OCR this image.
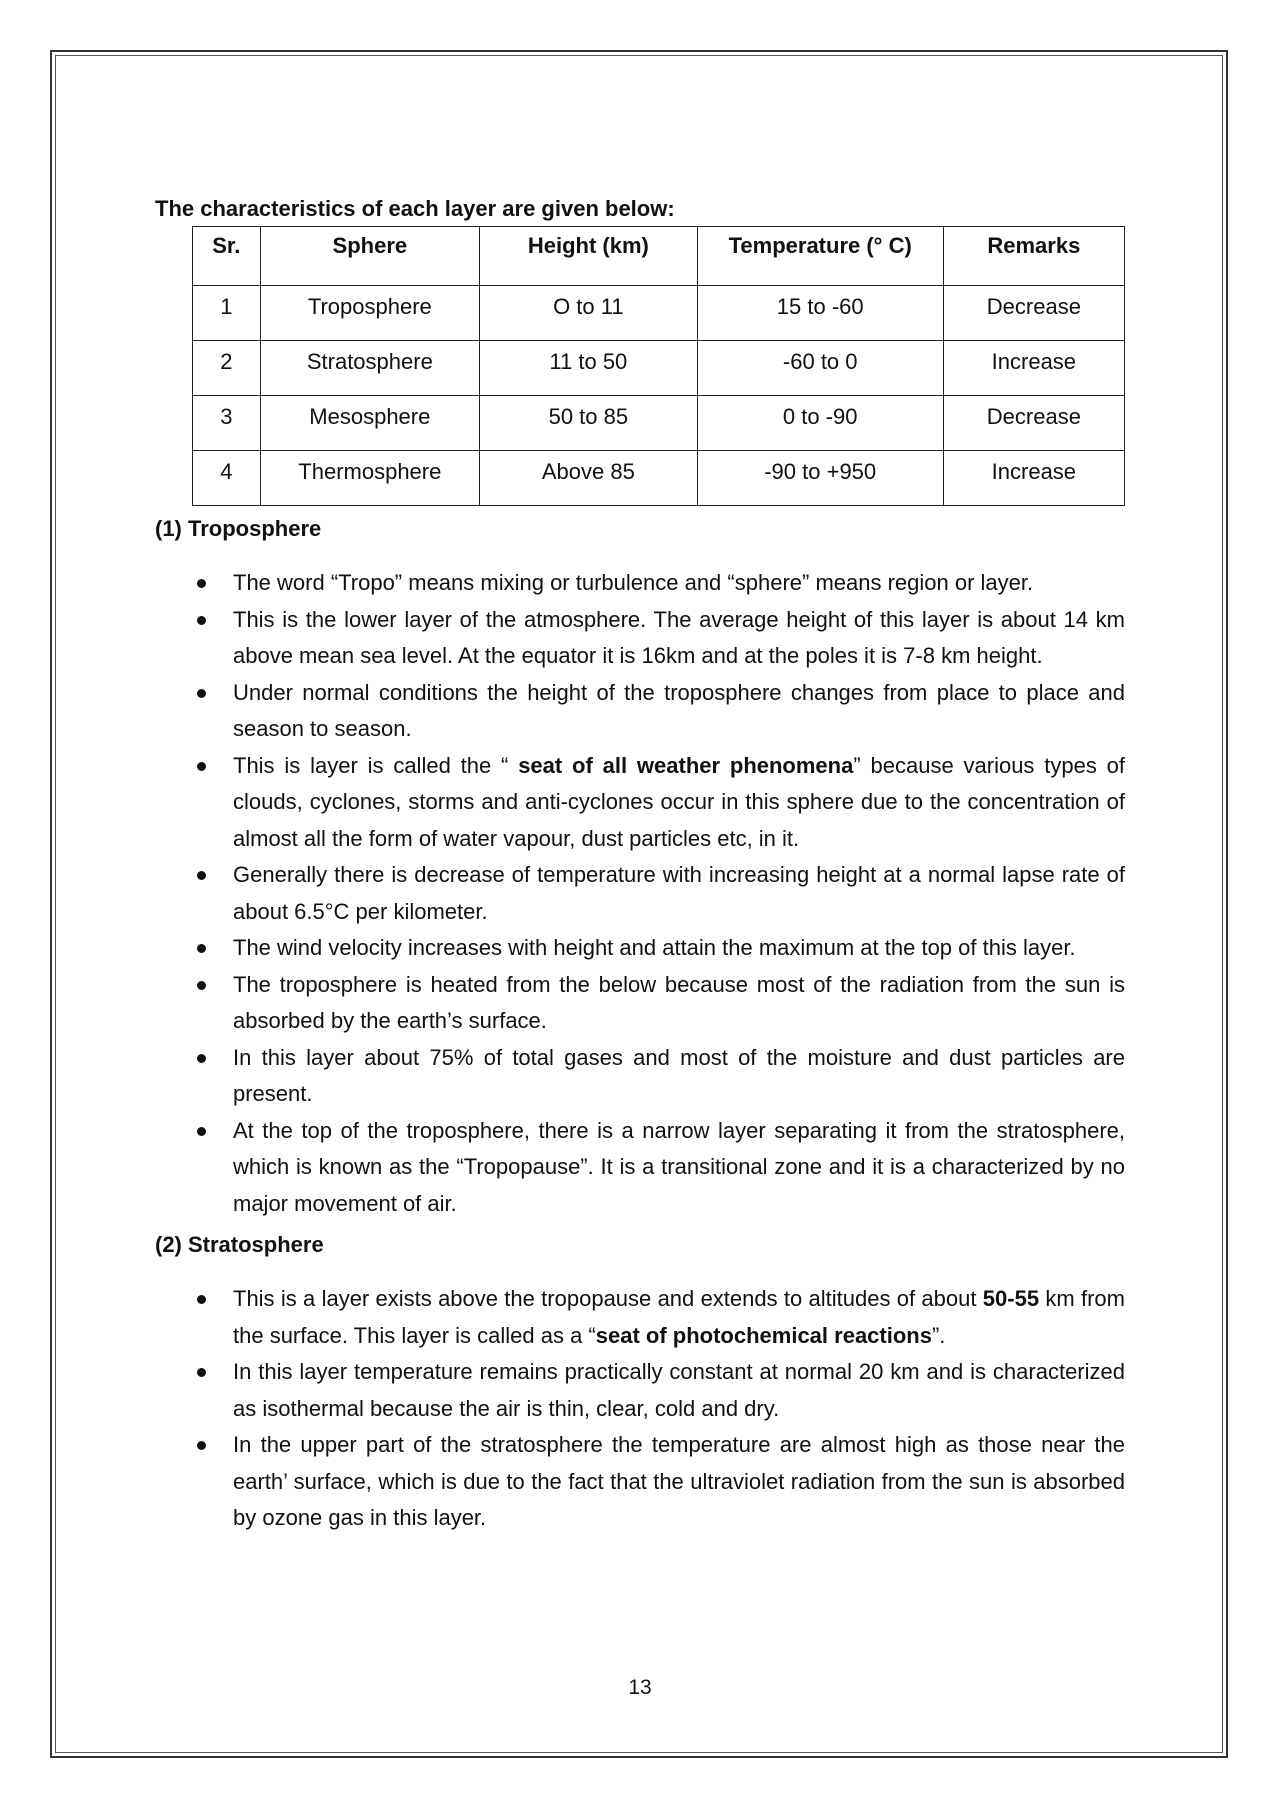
The characteristics of each layer are given below:

Sr.	Sphere	Height (km)	Temperature (° C)	Remarks
1	Troposphere	O to 11	15 to -60	Decrease
2	Stratosphere	11 to 50	-60 to 0	Increase
3	Mesosphere	50 to 85	0 to -90	Decrease
4	Thermosphere	Above 85	-90 to +950	Increase

(1) Troposphere

The word “Tropo” means mixing or turbulence and “sphere” means region or layer.
This is the lower layer of the atmosphere. The average height of this layer is about 14 km above mean sea level. At the equator it is 16km and at the poles it is 7-8 km height.
Under normal conditions the height of the troposphere changes from place to place and season to season.
This is layer is called the “ seat of all weather phenomena” because various types of clouds, cyclones, storms and anti-cyclones occur in this sphere due to the concentration of almost all the form of water vapour, dust particles etc, in it.
Generally there is decrease of temperature with increasing height at a normal lapse rate of about 6.5°C per kilometer.
The wind velocity increases with height and attain the maximum at the top of this layer.
The troposphere is heated from the below because most of the radiation from the sun is absorbed by the earth’s surface.
In this layer about 75% of total gases and most of the moisture and dust particles are present.
At the top of the troposphere, there is a narrow layer separating it from the stratosphere, which is known as the “Tropopause”. It is a transitional zone and it is a characterized by no major movement of air.

(2) Stratosphere

This is a layer exists above the tropopause and extends to altitudes of about 50-55 km from the surface. This layer is called as a “seat of photochemical reactions”.
In this layer temperature remains practically constant at normal 20 km and is characterized as isothermal because the air is thin, clear, cold and dry.
In the upper part of the stratosphere the temperature are almost high as those near the earth’ surface, which is due to the fact that the ultraviolet radiation from the sun is absorbed by ozone gas in this layer.
13
